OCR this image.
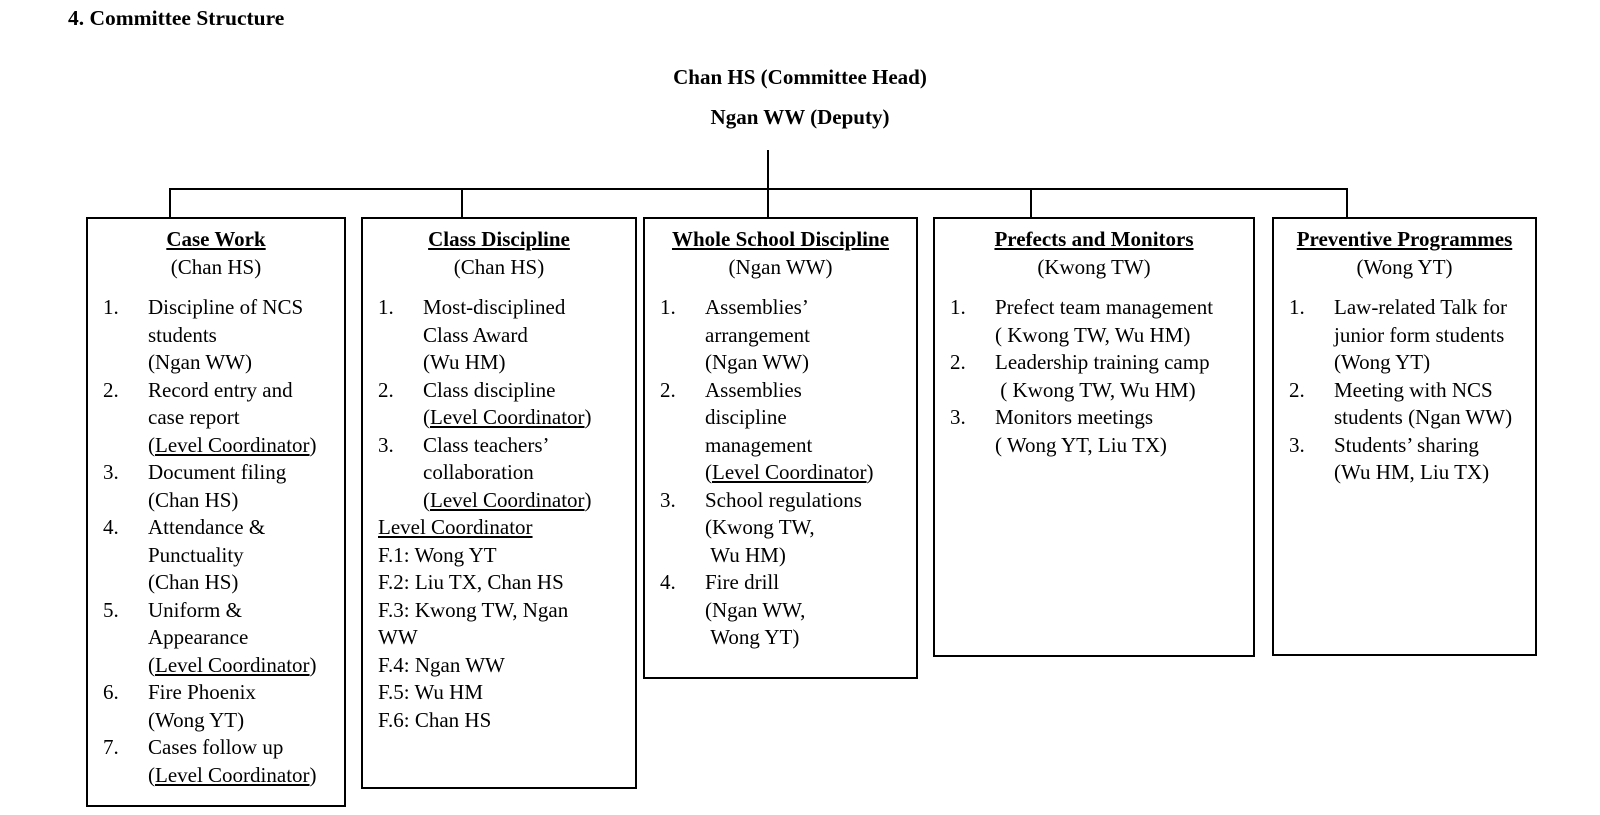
4. Committee Structure
Chan HS (Committee Head)
Ngan WW (Deputy)
Case Work
(Chan HS)
1.	Discipline of NCS
students
(Ngan WW)
2.	Record entry and
case report
(Level Coordinator)
3.	Document filing
(Chan HS)
4.	Attendance &
Punctuality
(Chan HS)
5.	Uniform &
Appearance
(Level Coordinator)
6.	Fire Phoenix
(Wong YT)
7.	Cases follow up
(Level Coordinator)
Class Discipline
(Chan HS)
1.	Most-disciplined
Class Award
(Wu HM)
2.	Class discipline
(Level Coordinator)
3.	Class teachers’
collaboration
(Level Coordinator)
Level Coordinator
F.1: Wong YT
F.2: Liu TX, Chan HS
F.3: Kwong TW, Ngan
WW
F.4: Ngan WW
F.5: Wu HM
F.6: Chan HS
Whole School Discipline
(Ngan WW)
1.	Assemblies’
arrangement
(Ngan WW)
2.	Assemblies
discipline
management
(Level Coordinator)
3.	School regulations
(Kwong TW,
Wu HM)
4.	Fire drill
(Ngan WW,
Wong YT)
Prefects and Monitors
(Kwong TW)
1.	Prefect team management
( Kwong TW, Wu HM)
2.	Leadership training camp
( Kwong TW, Wu HM)
3.	Monitors meetings
( Wong YT, Liu TX)
Preventive Programmes
(Wong YT)
1.	Law-related Talk for
junior form students
(Wong YT)
2.	Meeting with NCS
students (Ngan WW)
3.	Students’ sharing
(Wu HM, Liu TX)
